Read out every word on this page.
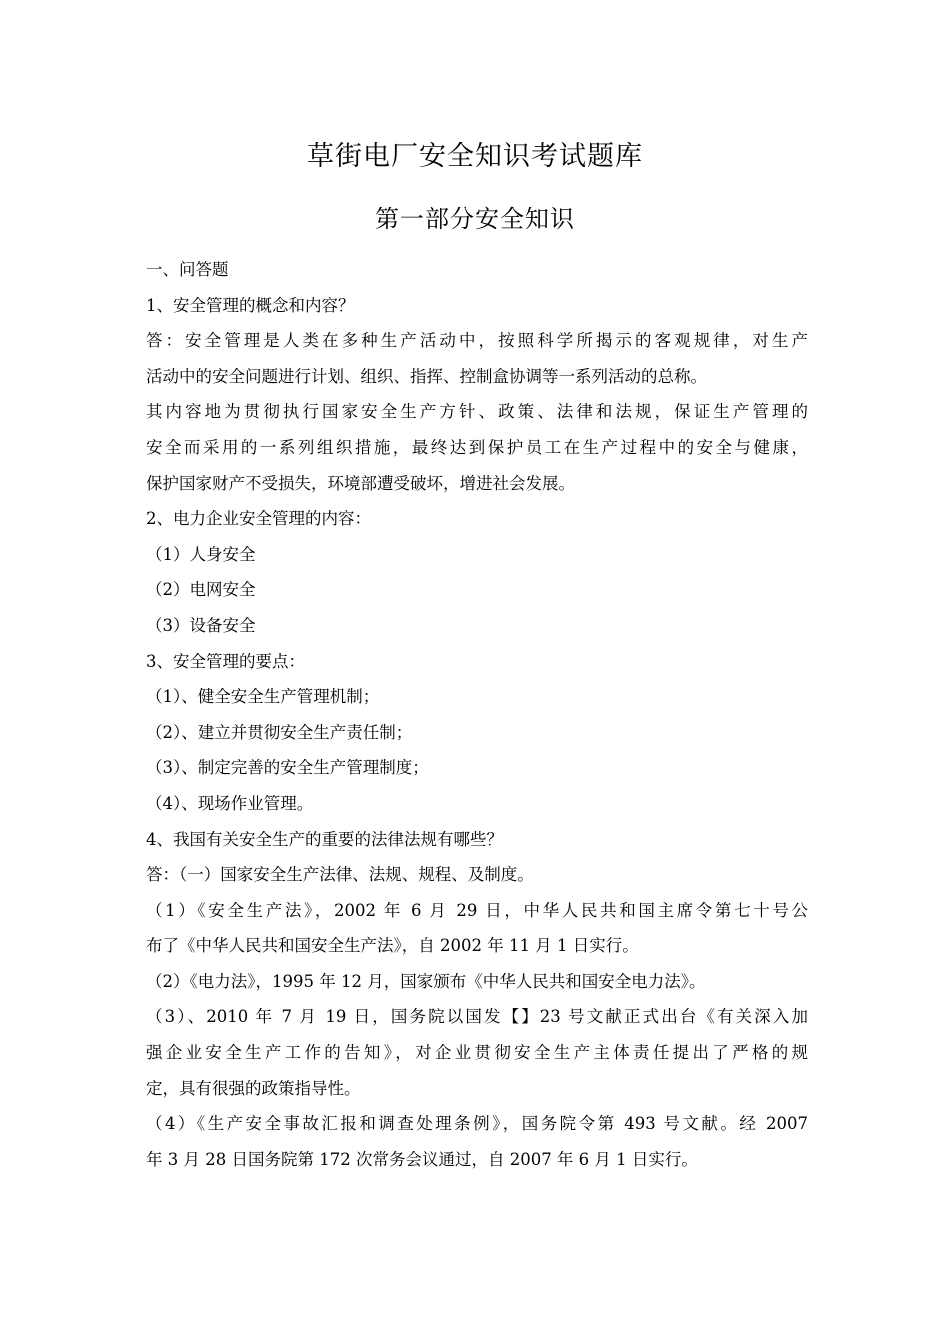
草街电厂安全知识考试题库
第一部分安全知识
一、问答题
1、安全管理的概念和内容？
答：安全管理是人类在多种生产活动中，按照科学所揭示的客观规律，对生产
活动中的安全问题进行计划、组织、指挥、控制盒协调等一系列活动的总称。
其内容地为贯彻执行国家安全生产方针、政策、法律和法规，保证生产管理的
安全而采用的一系列组织措施，最终达到保护员工在生产过程中的安全与健康，
保护国家财产不受损失，环境部遭受破坏，增进社会发展。
2、电力企业安全管理的内容：
（1）人身安全
（2）电网安全
（3）设备安全
3、安全管理的要点：
（1）、健全安全生产管理机制；
（2）、建立并贯彻安全生产责任制；
（3）、制定完善的安全生产管理制度；
（4）、现场作业管理。
4、我国有关安全生产的重要的法律法规有哪些？
答：（一）国家安全生产法律、法规、规程、及制度。
（1）《安全生产法》，2002 年 6 月 29 日，中华人民共和国主席令第七十号公
布了《中华人民共和国安全生产法》，自 2002 年 11 月 1 日实行。
（2）《电力法》，1995 年 12 月，国家颁布《中华人民共和国安全电力法》。
（3）、2010 年 7 月 19 日，国务院以国发【】23 号文献正式出台《有关深入加
强企业安全生产工作的告知》，对企业贯彻安全生产主体责任提出了严格的规
定，具有很强的政策指导性。
（4）《生产安全事故汇报和调查处理条例》，国务院令第 493 号文献。经 2007
年 3 月 28 日国务院第 172 次常务会议通过，自 2007 年 6 月 1 日实行。
